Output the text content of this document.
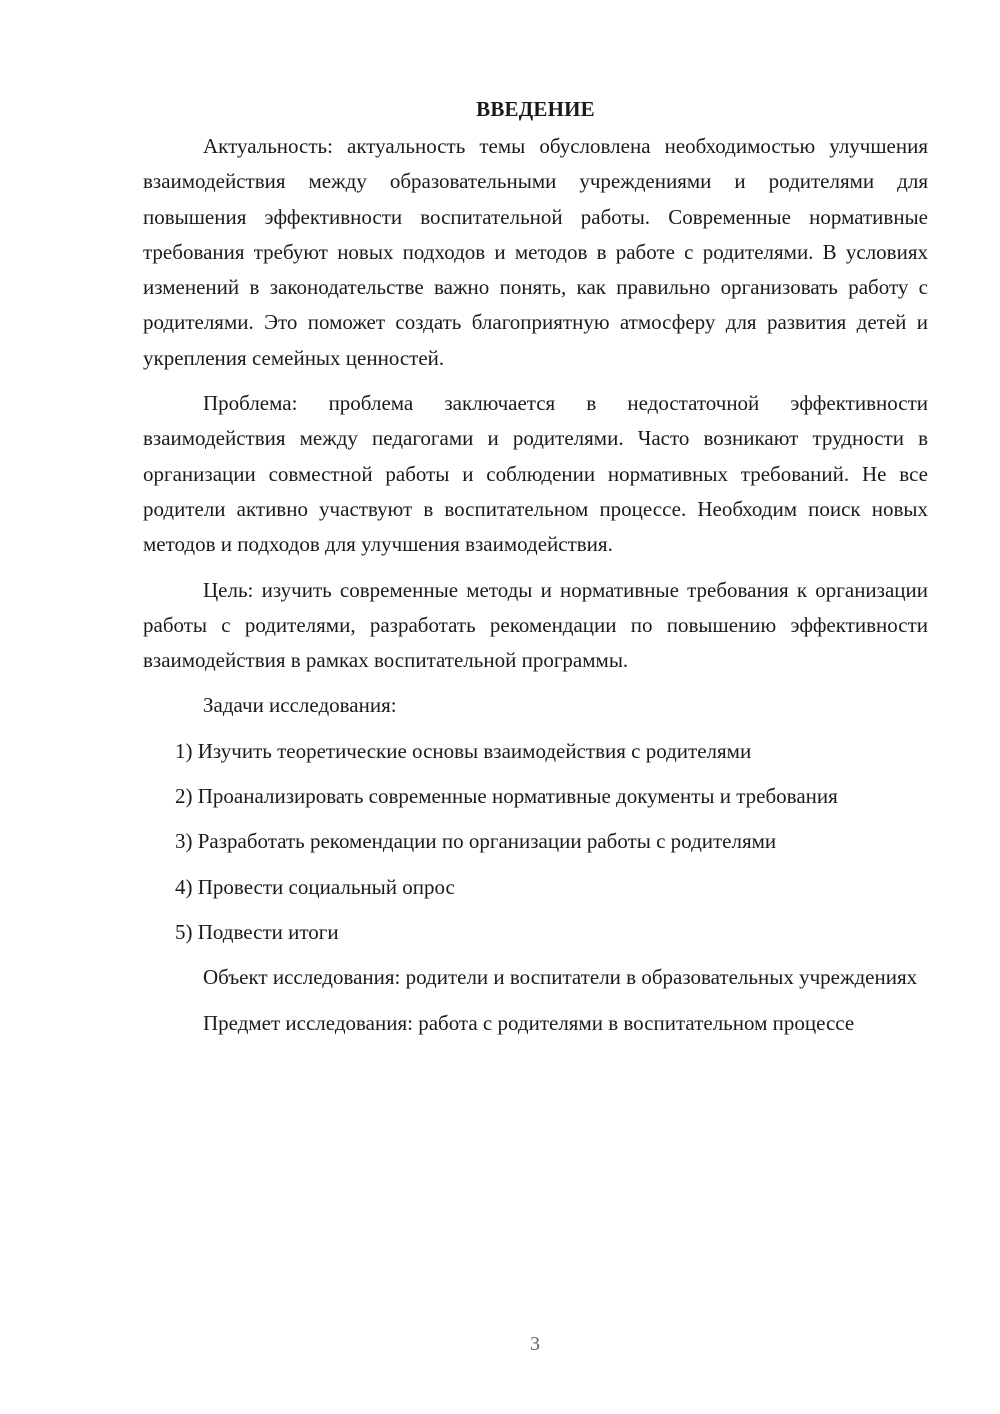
ВВЕДЕНИЕ

Актуальность: актуальность темы обусловлена необходимостью улучшения взаимодействия между образовательными учреждениями и родителями для повышения эффективности воспитательной работы. Современные нормативные требования требуют новых подходов и методов в работе с родителями. В условиях изменений в законодательстве важно понять, как правильно организовать работу с родителями. Это поможет создать благоприятную атмосферу для развития детей и укрепления семейных ценностей.

Проблема: проблема заключается в недостаточной эффективности взаимодействия между педагогами и родителями. Часто возникают трудности в организации совместной работы и соблюдении нормативных требований. Не все родители активно участвуют в воспитательном процессе. Необходим поиск новых методов и подходов для улучшения взаимодействия.

Цель: изучить современные методы и нормативные требования к организации работы с родителями, разработать рекомендации по повышению эффективности взаимодействия в рамках воспитательной программы.

Задачи исследования:

1) Изучить теоретические основы взаимодействия с родителями

2) Проанализировать современные нормативные документы и требования

3) Разработать рекомендации по организации работы с родителями

4) Провести социальный опрос

5) Подвести итоги

Объект исследования: родители и воспитатели в образовательных учреждениях

Предмет исследования: работа с родителями в воспитательном процессе

3
